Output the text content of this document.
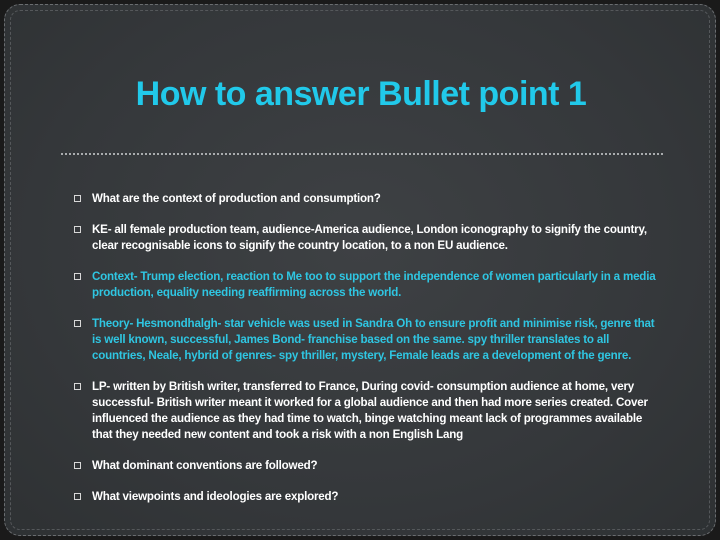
How to answer Bullet point 1
What are the context of production and consumption?
KE- all female production team, audience-America audience, London iconography to signify the country, clear recognisable icons to signify the country location, to a non EU audience.
Context- Trump election, reaction to Me too to support the independence of women particularly in a media production, equality needing reaffirming across the world.
Theory- Hesmondhalgh- star vehicle was used in Sandra Oh to ensure profit and minimise risk, genre that is well known, successful, James Bond- franchise based on the same. spy thriller translates to all countries, Neale, hybrid of genres- spy thriller, mystery, Female leads are a development of the genre.
LP- written by British writer, transferred to France, During covid- consumption audience at home, very successful- British writer meant it worked for a global audience and then had more series created. Cover influenced the audience as they had time to watch, binge watching meant lack of programmes available that they needed new content and took a risk with a non English Lang
What dominant conventions are followed?
What viewpoints and ideologies are explored?
